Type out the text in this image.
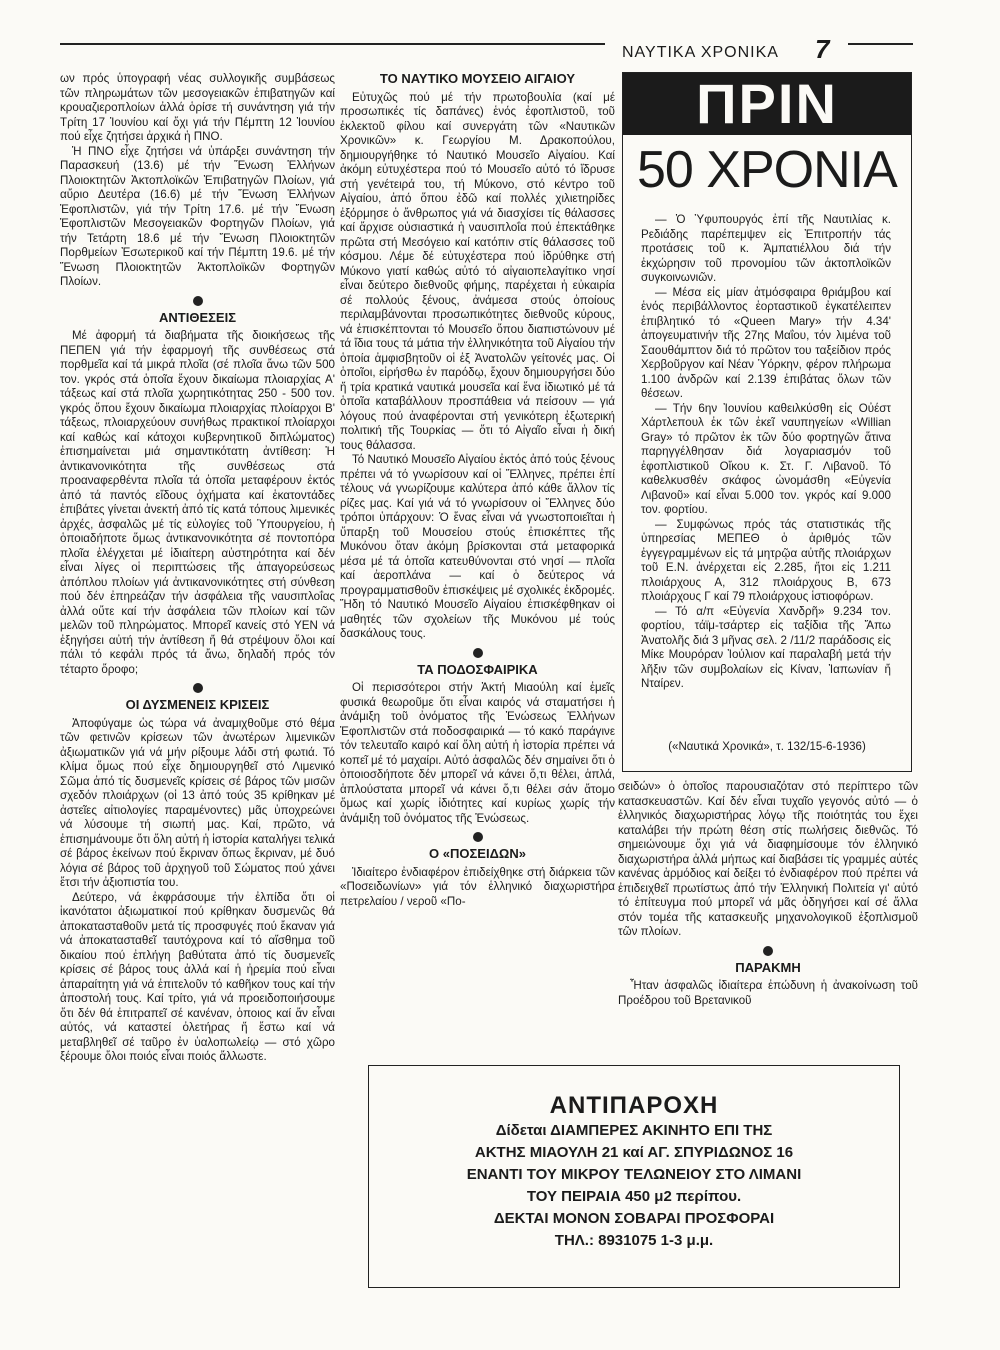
ΝΑΥΤΙΚΑ ΧΡΟΝΙΚΑ 7

ων πρός ὑπογραφή νέας συλλογικῆς συμβάσεως τῶν πληρωμάτων τῶν μεσογειακῶν ἐπιβατηγῶν καί κρουαζιεροπλοίων ἀλλά ὁρίσε τή συνάντηση γιά τήν Τρίτη 17 Ἰουνίου καί ὄχι γιά τήν Πέμπτη 12 Ἰουνίου πού εἶχε ζητήσει ἀρχικά ἡ ΠΝΟ.

Ἡ ΠΝΟ εἶχε ζητήσει νά ὑπάρξει συνάντηση τήν Παρασκευή (13.6) μέ τήν Ἕνωση Ἑλλήνων Πλοιοκτητῶν Ἀκτοπλοϊκῶν Ἐπιβατηγῶν Πλοίων, γιά αὔριο Δευτέρα (16.6) μέ τήν Ἕνωση Ἑλλήνων Ἐφοπλιστῶν, γιά τήν Τρίτη 17.6. μέ τήν Ἕνωση Ἐφοπλιστῶν Μεσογειακῶν Φορτηγῶν Πλοίων, γιά τήν Τετάρτη 18.6 μέ τήν Ἕνωση Πλοιοκτητῶν Πορθμείων Ἐσωτερικοῦ καί τήν Πέμπτη 19.6. μέ τήν Ἕνωση Πλοιοκτητῶν Ἀκτοπλοϊκῶν Φορτηγῶν Πλοίων.

ΑΝΤΙΘΕΣΕΙΣ

Μέ ἀφορμή τά διαβήματα τῆς διοικήσεως τῆς ΠΕΠΕΝ γιά τήν ἐφαρμογή τῆς συνθέσεως στά πορθμεῖα καί τά μικρά πλοῖα (σέ πλοῖα ἄνω τῶν 500 τον. γκρός στά ὁποῖα ἔχουν δικαίωμα πλοιαρχίας Α' τάξεως καί στά πλοῖα χωρητικότητας 250 - 500 τον. γκρός ὅπου ἔχουν δικαίωμα πλοιαρχίας πλοίαρχοι Β' τάξεως, πλοιαρχεύουν συνήθως πρακτικοί πλοίαρχοι καί καθώς καί κάτοχοι κυβερνητικοῦ διπλώματος) ἐπισημαίνεται μιά σημαντικότατη ἀντίθεση: Ἡ ἀντικανονικότητα τῆς συνθέσεως στά προαναφερθέντα πλοῖα τά ὁποῖα μεταφέρουν ἐκτός ἀπό τά παντός εἴδους ὀχήματα καί ἑκατοντάδες ἐπιβάτες γίνεται ἀνεκτή ἀπό τίς κατά τόπους λιμενικές ἀρχές, ἀσφαλῶς μέ τίς εὐλογίες τοῦ Ὑπουργείου, ἡ ὁποιαδήποτε ὅμως ἀντικανονικότητα σέ ποντοπόρα πλοῖα ἐλέγχεται μέ ἰδιαίτερη αὐστηρότητα καί δέν εἶναι λίγες οἱ περιπτώσεις τῆς ἀπαγορεύσεως ἀπόπλου πλοίων γιά ἀντικανονικότητες στή σύνθεση πού δέν ἐπηρεάζαν τήν ἀσφάλεια τῆς ναυσιπλοΐας ἀλλά οὔτε καί τήν ἀσφάλεια τῶν πλοίων καί τῶν μελῶν τοῦ πληρώματος. Μπορεῖ κανείς στό ΥΕΝ νά ἐξηγήσει αὐτή τήν ἀντίθεση ἤ θά στρέψουν ὅλοι καί πάλι τό κεφάλι πρός τά ἄνω, δηλαδή πρός τόν τέταρτο ὄροφο;

ΟΙ ΔΥΣΜΕΝΕΙΣ ΚΡΙΣΕΙΣ

Ἀποφύγαμε ὡς τώρα νά ἀναμιχθοῦμε στό θέμα τῶν φετινῶν κρίσεων τῶν ἀνωτέρων λιμενικῶν ἀξιωματικῶν γιά νά μήν ρίξουμε λάδι στή φωτιά. Τό κλίμα ὅμως πού εἶχε δημιουργηθεῖ στό Λιμενικό Σῶμα ἀπό τίς δυσμενεῖς κρίσεις σέ βάρος τῶν μισῶν σχεδόν πλοιάρχων (οἱ 13 ἀπό τούς 35 κρίθηκαν μέ ἀστεῖες αἰτιολογίες παραμένοντες) μᾶς ὑποχρεώνει νά λύσουμε τή σιωπή μας. Καί, πρῶτο, νά ἐπισημάνουμε ὅτι ὅλη αὐτή ἡ ἱστορία καταλήγει τελικά σέ βάρος ἐκείνων πού ἔκριναν ὅπως ἔκριναν, μέ δυό λόγια σέ βάρος τοῦ ἀρχηγοῦ τοῦ Σώματος πού χάνει ἔτσι τήν ἀξιοπιστία του.

Δεύτερο, νά ἐκφράσουμε τήν ἐλπίδα ὅτι οἱ ἱκανότατοι ἀξιωματικοί πού κρίθηκαν δυσμενῶς θά ἀποκατασταθοῦν μετά τίς προσφυγές πού ἔκαναν γιά νά ἀποκατασταθεῖ ταυτόχρονα καί τό αἴσθημα τοῦ δικαίου πού ἐπλήγη βαθύτατα ἀπό τίς δυσμενεῖς κρίσεις σέ βάρος τους ἀλλά καί ἡ ἠρεμία πού εἶναι ἀπαραίτητη γιά νά ἐπιτελοῦν τό καθῆκον τους καί τήν ἀποστολή τους. Καί τρίτο, γιά νά προειδοποιήσουμε ὅτι δέν θά ἐπιτραπεῖ σέ κανέναν, ὁποιος καί ἄν εἶναι αὐτός, νά καταστεί ὀλετήρας ἤ ἔστω καί νά μεταβληθεῖ σέ ταῦρο ἐν ὑαλοπωλείῳ — στό χῶρο ξέρουμε ὅλοι ποιός εἶναι ποιός ἄλλωστε.

ΤΟ ΝΑΥΤΙΚΟ ΜΟΥΣΕΙΟ ΑΙΓΑΙΟΥ

Εὐτυχῶς πού μέ τήν πρωτοβουλία (καί μέ προσωπικές τίς δαπάνες) ἑνός ἐφοπλιστοῦ, τοῦ ἐκλεκτοῦ φίλου καί συνεργάτη τῶν «Ναυτικῶν Χρονικῶν» κ. Γεωργίου Μ. Δρακοπούλου, δημιουργήθηκε τό Ναυτικό Μουσεῖο Αἰγαίου. Καί ἀκόμη εὐτυχέστερα πού τό Μουσεῖο αὐτό τό ἵδρυσε στή γενέτειρά του, τή Μύκονο, στό κέντρο τοῦ Αἰγαίου, ἀπό ὅπου ἐδῶ καί πολλές χιλιετηρίδες ἐξόρμησε ὁ ἄνθρωπος γιά νά διασχίσει τίς θάλασσες καί ἄρχισε οὐσιαστικά ἡ ναυσιπλοΐα πού ἐπεκτάθηκε πρῶτα στή Μεσόγειο καί κατόπιν στίς θάλασσες τοῦ κόσμου. Λέμε δέ εὐτυχέστερα πού ἱδρύθηκε στή Μύκονο γιατί καθώς αὐτό τό αἰγαιοπελαγίτικο νησί εἶναι δεύτερο διεθνοῦς φήμης, παρέχεται ἡ εὐκαιρία σέ πολλούς ξένους, ἀνάμεσα στούς ὁποίους περιλαμβάνονται προσωπικότητες διεθνοῦς κύρους, νά ἐπισκέπτονται τό Μουσεῖο ὅπου διαπιστώνουν μέ τά ἴδια τους τά μάτια τήν ἑλληνικότητα τοῦ Αἰγαίου τήν ὁποία ἀμφισβητοῦν οἱ ἐξ Ἀνατολῶν γείτονές μας. Οἱ ὁποῖοι, εἰρήσθω ἐν παρόδῳ, ἔχουν δημιουργήσει δύο ἤ τρία κρατικά ναυτικά μουσεῖα καί ἕνα ἰδιωτικό μέ τά ὁποῖα καταβάλλουν προσπάθεια νά πείσουν — γιά λόγους πού ἀναφέρονται στή γενικότερη ἐξωτερική πολιτική τῆς Τουρκίας — ὅτι τό Αἰγαῖο εἶναι ἡ δική τους θάλασσα.

Τό Ναυτικό Μουσεῖο Αἰγαίου ἐκτός ἀπό τούς ξένους πρέπει νά τό γνωρίσουν καί οἱ Ἕλληνες, πρέπει ἐπί τέλους νά γνωρίζουμε καλύτερα ἀπό κάθε ἄλλον τίς ρίζες μας. Καί γιά νά τό γνωρίσουν οἱ Ἕλληνες δύο τρόποι ὑπάρχουν: Ὁ ἕνας εἶναι νά γνωστοποιεῖται ἡ ὕπαρξη τοῦ Μουσείου στούς ἐπισκέπτες τῆς Μυκόνου ὅταν ἀκόμη βρίσκονται στά μεταφορικά μέσα μέ τά ὁποῖα κατευθύνονται στό νησί — πλοῖα καί ἀεροπλάνα — καί ὁ δεύτερος νά προγραμματισθοῦν ἐπισκέψεις μέ σχολικές ἐκδρομές. Ἤδη τό Ναυτικό Μουσεῖο Αἰγαίου ἐπισκέφθηκαν οἱ μαθητές τῶν σχολείων τῆς Μυκόνου μέ τούς δασκάλους τους.

ΤΑ ΠΟΔΟΣΦΑΙΡΙΚΑ

Οἱ περισσότεροι στήν Ἀκτή Μιαούλη καί ἐμεῖς φυσικά θεωροῦμε ὅτι εἶναι καιρός νά σταματήσει ἡ ἀνάμιξη τοῦ ὀνόματος τῆς Ἑνώσεως Ἑλλήνων Ἐφοπλιστῶν στά ποδοσφαιρικά — τό κακό παράγινε τόν τελευταῖο καιρό καί ὅλη αὐτή ἡ ἱστορία πρέπει νά κοπεῖ μέ τό μαχαίρι. Αὐτό ἀσφαλῶς δέν σημαίνει ὅτι ὁ ὁποιοσδήποτε δέν μπορεῖ νά κάνει ὅ,τι θέλει, ἁπλά, ἁπλούστατα μπορεῖ νά κάνει ὅ,τι θέλει σάν ἄτομο ὅμως καί χωρίς ἰδιότητες καί κυρίως χωρίς τήν ἀνάμιξη τοῦ ὀνόματος τῆς Ἑνώσεως.

Ο «ΠΟΣΕΙΔΩΝ»

Ἰδιαίτερο ἐνδιαφέρον ἐπιδείχθηκε στή διάρκεια τῶν «Ποσειδωνίων» γιά τόν ἑλληνικό διαχωριστήρα πετρελαίου / νεροῦ «Πο-

ΠΡΙΝ
50 ΧΡΟΝΙΑ

— Ὁ Ὑφυπουργός ἐπί τῆς Ναυτιλίας κ. Ρεδιάδης παρέπεμψεν εἰς Ἐπιτροπήν τάς προτάσεις τοῦ κ. Ἀμπατιέλλου διά τήν ἐκχώρησιν τοῦ προνομίου τῶν ἀκτοπλοϊκῶν συγκοινωνιῶν.

— Μέσα εἰς μίαν ἀτμόσφαιρα θριάμβου καί ἑνός περιβάλλοντος ἑορταστικοῦ ἐγκατέλειπεν ἐπιβλητικό τό «Queen Mary» τήν 4.34' ἀπογευματινήν τῆς 27ης Μαΐου, τόν λιμένα τοῦ Σαουθάμπτον διά τό πρῶτον του ταξείδιον πρός Χερβοῦργον καί Νέαν Ὑόρκην, φέρον πλήρωμα 1.100 ἀνδρῶν καί 2.139 ἐπιβάτας ὅλων τῶν θέσεων.

— Τήν 6ην Ἰουνίου καθειλκύσθη εἰς Οὐέστ Χάρτλεπουλ ἐκ τῶν ἐκεῖ ναυπηγείων «Willian Gray» τό πρῶτον ἐκ τῶν δύο φορτηγῶν ἅτινα παρηγγέλθησαν διά λογαριασμόν τοῦ ἐφοπλιστικοῦ Οἴκου κ. Στ. Γ. Λιβανοῦ. Τό καθελκυσθέν σκάφος ὠνομάσθη «Εὐγενία Λιβανοῦ» καί εἶναι 5.000 τον. γκρός καί 9.000 τον. φορτίου.

— Συμφώνως πρός τάς στατιστικάς τῆς ὑπηρεσίας ΜΕΠΕΘ ὁ ἀριθμός τῶν ἐγγεγραμμένων εἰς τά μητρῷα αὐτῆς πλοιάρχων τοῦ Ε.Ν. ἀνέρχεται εἰς 2.285, ἤτοι εἰς 1.211 πλοιάρχους Α, 312 πλοιάρχους Β, 673 πλοιάρχους Γ καί 79 πλοιάρχους ἱστιοφόρων.

— Τό α/π «Εὐγενία Χανδρῆ» 9.234 τον. φορτίου, τάϊμ-τσάρτερ εἰς ταξίδια τῆς Ἄπω Ἀνατολῆς διά 3 μῆνας σελ. 2 /11/2 παράδοσις εἰς Μίκε Μουρόραν Ἰούλιον καί παραλαβή μετά τήν λῆξιν τῶν συμβολαίων εἰς Κίναν, Ἰαπωνίαν ἤ Νταίρεν.

(«Ναυτικά Χρονικά», τ. 132/15-6-1936)

σειδών» ὁ ὁποῖος παρουσιαζόταν στό περίπτερο τῶν κατασκευαστῶν. Καί δέν εἶναι τυχαῖο γεγονός αὐτό — ὁ ἑλληνικός διαχωριστήρας λόγῳ τῆς ποιότητάς του ἔχει καταλάβει τήν πρώτη θέση στίς πωλήσεις διεθνῶς. Τό σημειώνουμε ὄχι γιά νά διαφημίσουμε τόν ἑλληνικό διαχωριστήρα ἀλλά μήπως καί διαβάσει τίς γραμμές αὐτές κανένας ἁρμόδιος καί δείξει τό ἐνδιαφέρον πού πρέπει νά ἐπιδειχθεῖ πρωτίστως ἀπό τήν Ἑλληνική Πολιτεία γι' αὐτό τό ἐπίτευγμα πού μπορεῖ νά μᾶς ὁδηγήσει καί σέ ἄλλα στόν τομέα τῆς κατασκευῆς μηχανολογικοῦ ἐξοπλισμοῦ τῶν πλοίων.

ΠΑΡΑΚΜΗ

Ἦταν ἀσφαλῶς ἰδιαίτερα ἐπώδυνη ἡ ἀνακοίνωση τοῦ Προέδρου τοῦ Βρετανικοῦ

ΑΝΤΙΠΑΡΟΧΗ
Δίδεται ΔΙΑΜΠΕΡΕΣ ΑΚΙΝΗΤΟ ΕΠΙ ΤΗΣ
ΑΚΤΗΣ ΜΙΑΟΥΛΗ 21 καί ΑΓ. ΣΠΥΡΙΔΩΝΟΣ 16
ΕΝΑΝΤΙ ΤΟΥ ΜΙΚΡΟΥ ΤΕΛΩΝΕΙΟΥ ΣΤΟ ΛΙΜΑΝΙ
ΤΟΥ ΠΕΙΡΑΙΑ 450 μ2 περίπου.
ΔΕΚΤΑΙ ΜΟΝΟΝ ΣΟΒΑΡΑΙ ΠΡΟΣΦΟΡΑΙ
ΤΗΛ.: 8931075 1-3 μ.μ.
